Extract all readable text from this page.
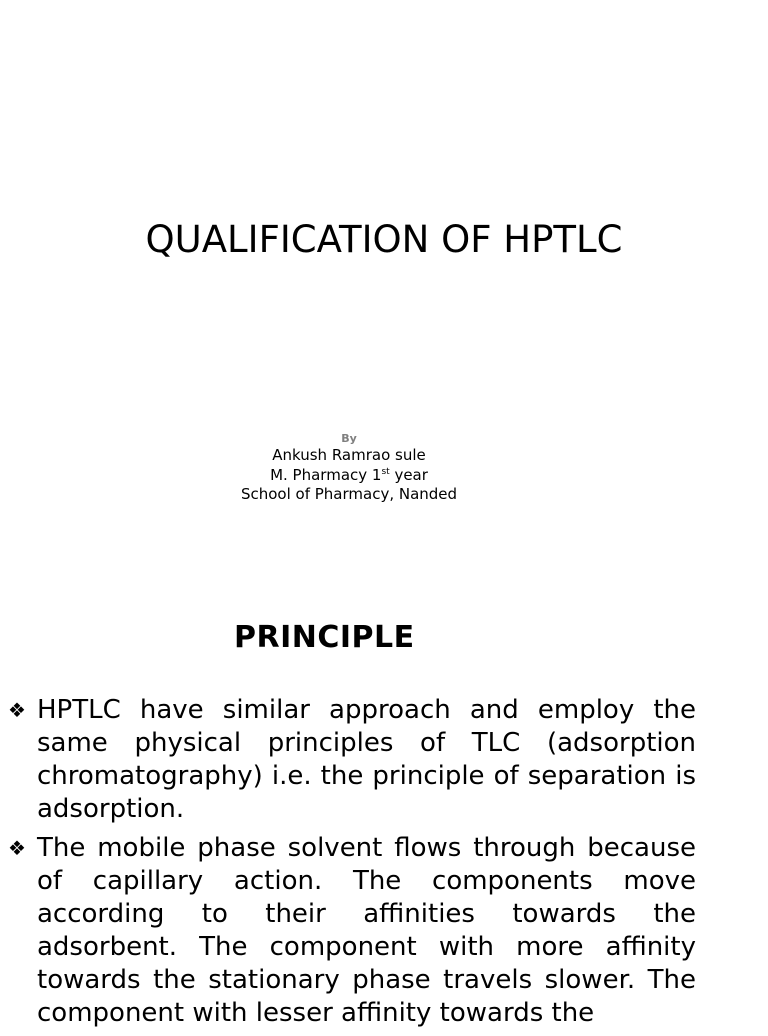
QUALIFICATION OF HPTLC
By
Ankush Ramrao sule
M. Pharmacy 1st year
School of Pharmacy, Nanded
PRINCIPLE
❖ HPTLC have similar approach and employ the same physical principles of TLC (adsorption chromatography) i.e. the principle of separation is adsorption.
❖ The mobile phase solvent flows through because of capillary action. The components move according to their affinities towards the adsorbent. The component with more affinity towards the stationary phase travels slower. The component with lesser affinity towards the
